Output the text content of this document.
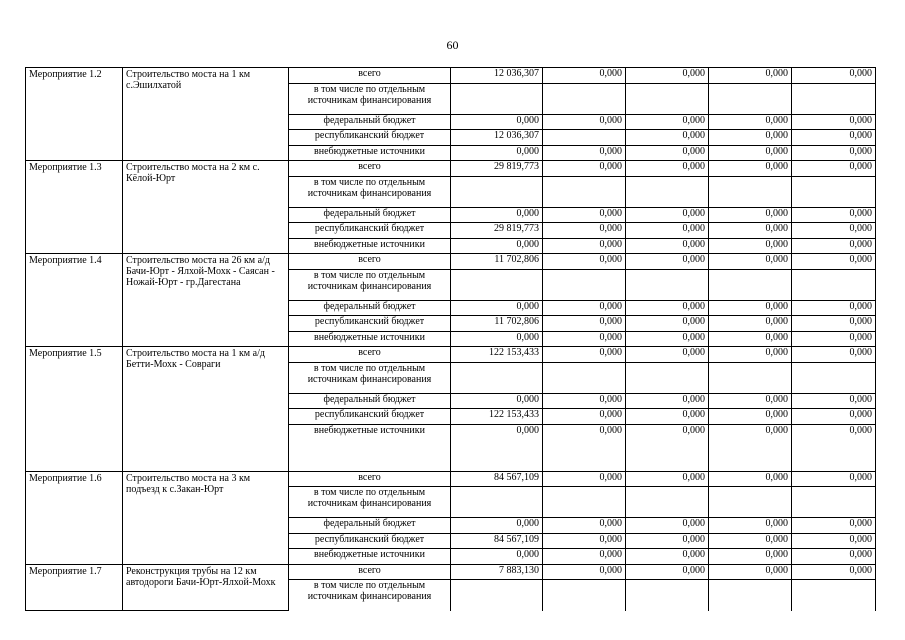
60
Мероприятие 1.2	Строительство моста на 1 км с.Эшилхатой	всего	12 036,307	0,000	0,000	0,000	0,000
		в том числе по отдельным источникам финансирования					
		федеральный бюджет	0,000	0,000	0,000	0,000	0,000
		республиканский бюджет	12 036,307		0,000	0,000	0,000
		внебюджетные источники	0,000	0,000	0,000	0,000	0,000
Мероприятие 1.3	Строительство моста на 2 км с. Кёлой-Юрт	всего	29 819,773	0,000	0,000	0,000	0,000
		в том числе по отдельным источникам финансирования					
		федеральный бюджет	0,000	0,000	0,000	0,000	0,000
		республиканский бюджет	29 819,773	0,000	0,000	0,000	0,000
		внебюджетные источники	0,000	0,000	0,000	0,000	0,000
Мероприятие 1.4	Строительство моста на 26 км а/д Бачи-Юрт - Ялхой-Мохк - Саясан - Ножай-Юрт - гр.Дагестана	всего	11 702,806	0,000	0,000	0,000	0,000
		в том числе по отдельным источникам финансирования					
		федеральный бюджет	0,000	0,000	0,000	0,000	0,000
		республиканский бюджет	11 702,806	0,000	0,000	0,000	0,000
		внебюджетные источники	0,000	0,000	0,000	0,000	0,000
Мероприятие 1.5	Строительство моста на 1 км а/д Бетти-Мохк - Совраги	всего	122 153,433	0,000	0,000	0,000	0,000
		в том числе по отдельным источникам финансирования					
		федеральный бюджет	0,000	0,000	0,000	0,000	0,000
		республиканский бюджет	122 153,433	0,000	0,000	0,000	0,000
		внебюджетные источники	0,000	0,000	0,000	0,000	0,000
Мероприятие 1.6	Строительство моста на 3 км подъезд к с.Закан-Юрт	всего	84 567,109	0,000	0,000	0,000	0,000
		в том числе по отдельным источникам финансирования					
		федеральный бюджет	0,000	0,000	0,000	0,000	0,000
		республиканский бюджет	84 567,109	0,000	0,000	0,000	0,000
		внебюджетные источники	0,000	0,000	0,000	0,000	0,000
Мероприятие 1.7	Реконструкция трубы на 12 км автодороги Бачи-Юрт-Ялхой-Мохк	всего	7 883,130	0,000	0,000	0,000	0,000
		в том числе по отдельным источникам финансирования					
